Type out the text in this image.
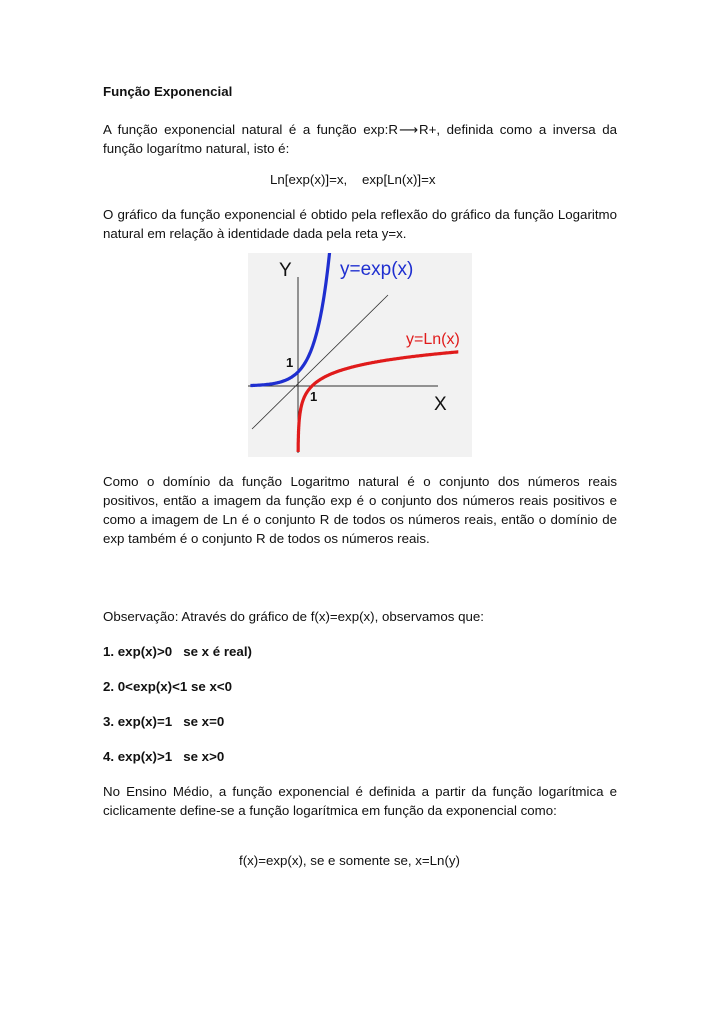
Função Exponencial
A função exponencial natural é a função exp:R⟶R+, definida como a inversa da função logarítmo natural, isto é:
Ln[exp(x)]=x,    exp[Ln(x)]=x
O gráfico da função exponencial é obtido pela reflexão do gráfico da função Logaritmo natural em relação à identidade dada pela reta y=x.
Y
X
y=exp(x)
y=Ln(x)
1
1
Como o domínio da função Logaritmo natural é o conjunto dos números reais positivos, então a imagem da função exp é o conjunto dos números reais positivos e como a imagem de Ln é o conjunto R de todos os números reais, então o domínio de exp também é o conjunto R de todos os números reais.
Observação: Através do gráfico de f(x)=exp(x), observamos que:
1. exp(x)>0   se x é real)
2. 0<exp(x)<1 se x<0
3. exp(x)=1   se x=0
4. exp(x)>1   se x>0
No Ensino Médio, a função exponencial é definida a partir da função logarítmica e ciclicamente define-se a função logarítmica em função da exponencial como:
f(x)=exp(x), se e somente se, x=Ln(y)
